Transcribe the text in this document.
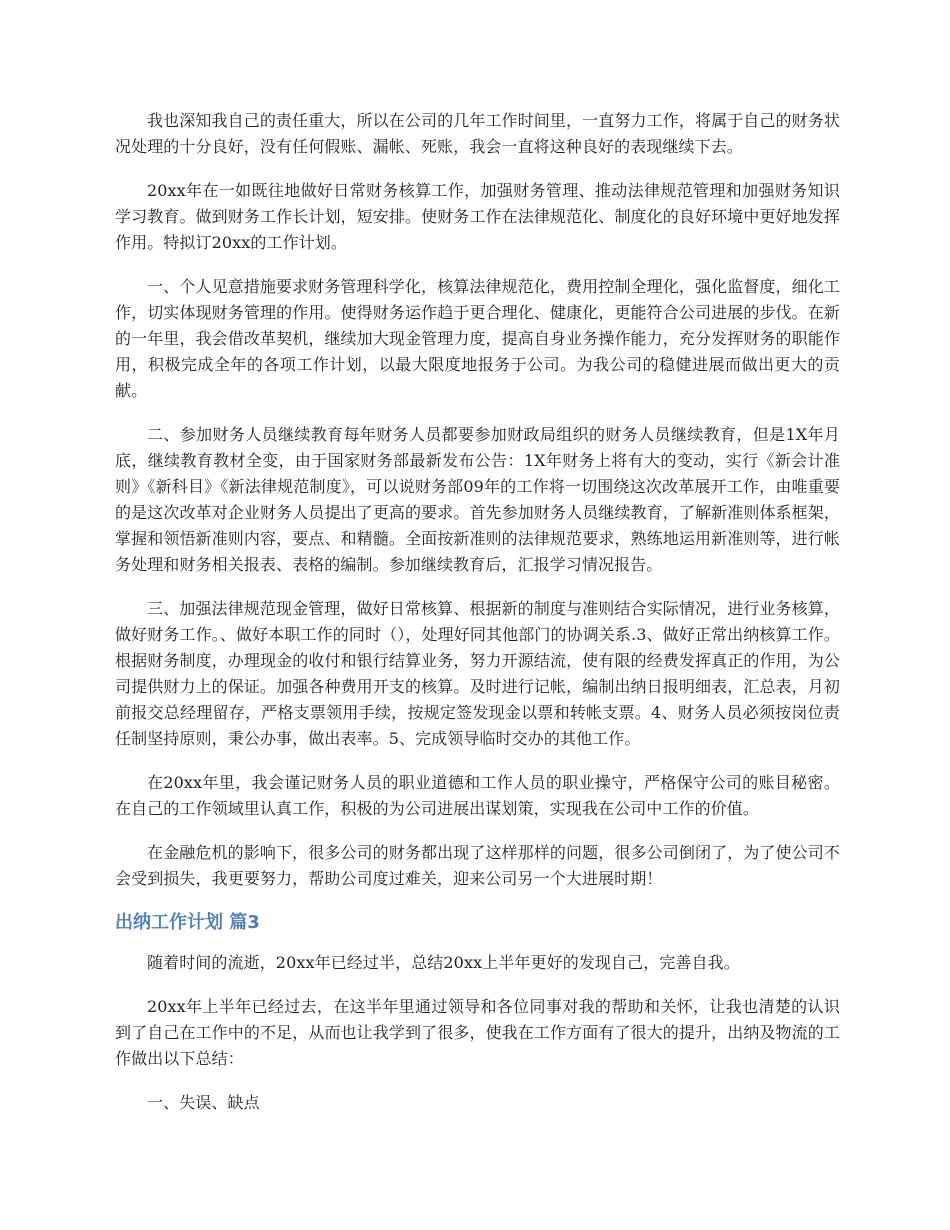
我也深知我自己的责任重大，所以在公司的几年工作时间里，一直努力工作，将属于自己的财务状况处理的十分良好，没有任何假账、漏帐、死账，我会一直将这种良好的表现继续下去。

20xx年在一如既往地做好日常财务核算工作，加强财务管理、推动法律规范管理和加强财务知识学习教育。做到财务工作长计划，短安排。使财务工作在法律规范化、制度化的良好环境中更好地发挥作用。特拟订20xx的工作计划。

一、个人见意措施要求财务管理科学化，核算法律规范化，费用控制全理化，强化监督度，细化工作，切实体现财务管理的作用。使得财务运作趋于更合理化、健康化，更能符合公司进展的步伐。在新的一年里，我会借改革契机，继续加大现金管理力度，提高自身业务操作能力，充分发挥财务的职能作用，积极完成全年的各项工作计划，以最大限度地报务于公司。为我公司的稳健进展而做出更大的贡献。

二、参加财务人员继续教育每年财务人员都要参加财政局组织的财务人员继续教育，但是1X年月底，继续教育教材全变，由于国家财务部最新发布公告：1X年财务上将有大的变动，实行《新会计准则》《新科目》《新法律规范制度》，可以说财务部09年的工作将一切围绕这次改革展开工作，由唯重要的是这次改革对企业财务人员提出了更高的要求。首先参加财务人员继续教育，了解新准则体系框架，掌握和领悟新准则内容，要点、和精髓。全面按新准则的法律规范要求，熟练地运用新准则等，进行帐务处理和财务相关报表、表格的编制。参加继续教育后，汇报学习情况报告。

三、加强法律规范现金管理，做好日常核算、根据新的制度与准则结合实际情况，进行业务核算，做好财务工作。、做好本职工作的同时（），处理好同其他部门的协调关系.3、做好正常出纳核算工作。根据财务制度，办理现金的收付和银行结算业务，努力开源结流，使有限的经费发挥真正的作用，为公司提供财力上的保证。加强各种费用开支的核算。及时进行记帐，编制出纳日报明细表，汇总表，月初前报交总经理留存，严格支票领用手续，按规定签发现金以票和转帐支票。4、财务人员必须按岗位责任制坚持原则，秉公办事，做出表率。5、完成领导临时交办的其他工作。

在20xx年里，我会谨记财务人员的职业道德和工作人员的职业操守，严格保守公司的账目秘密。在自己的工作领域里认真工作，积极的为公司进展出谋划策，实现我在公司中工作的价值。

在金融危机的影响下，很多公司的财务都出现了这样那样的问题，很多公司倒闭了，为了使公司不会受到损失，我更要努力，帮助公司度过难关，迎来公司另一个大进展时期！

出纳工作计划 篇3

随着时间的流逝，20xx年已经过半，总结20xx上半年更好的发现自己，完善自我。

20xx年上半年已经过去，在这半年里通过领导和各位同事对我的帮助和关怀，让我也清楚的认识到了自己在工作中的不足，从而也让我学到了很多，使我在工作方面有了很大的提升，出纳及物流的工作做出以下总结：

一、失误、缺点
